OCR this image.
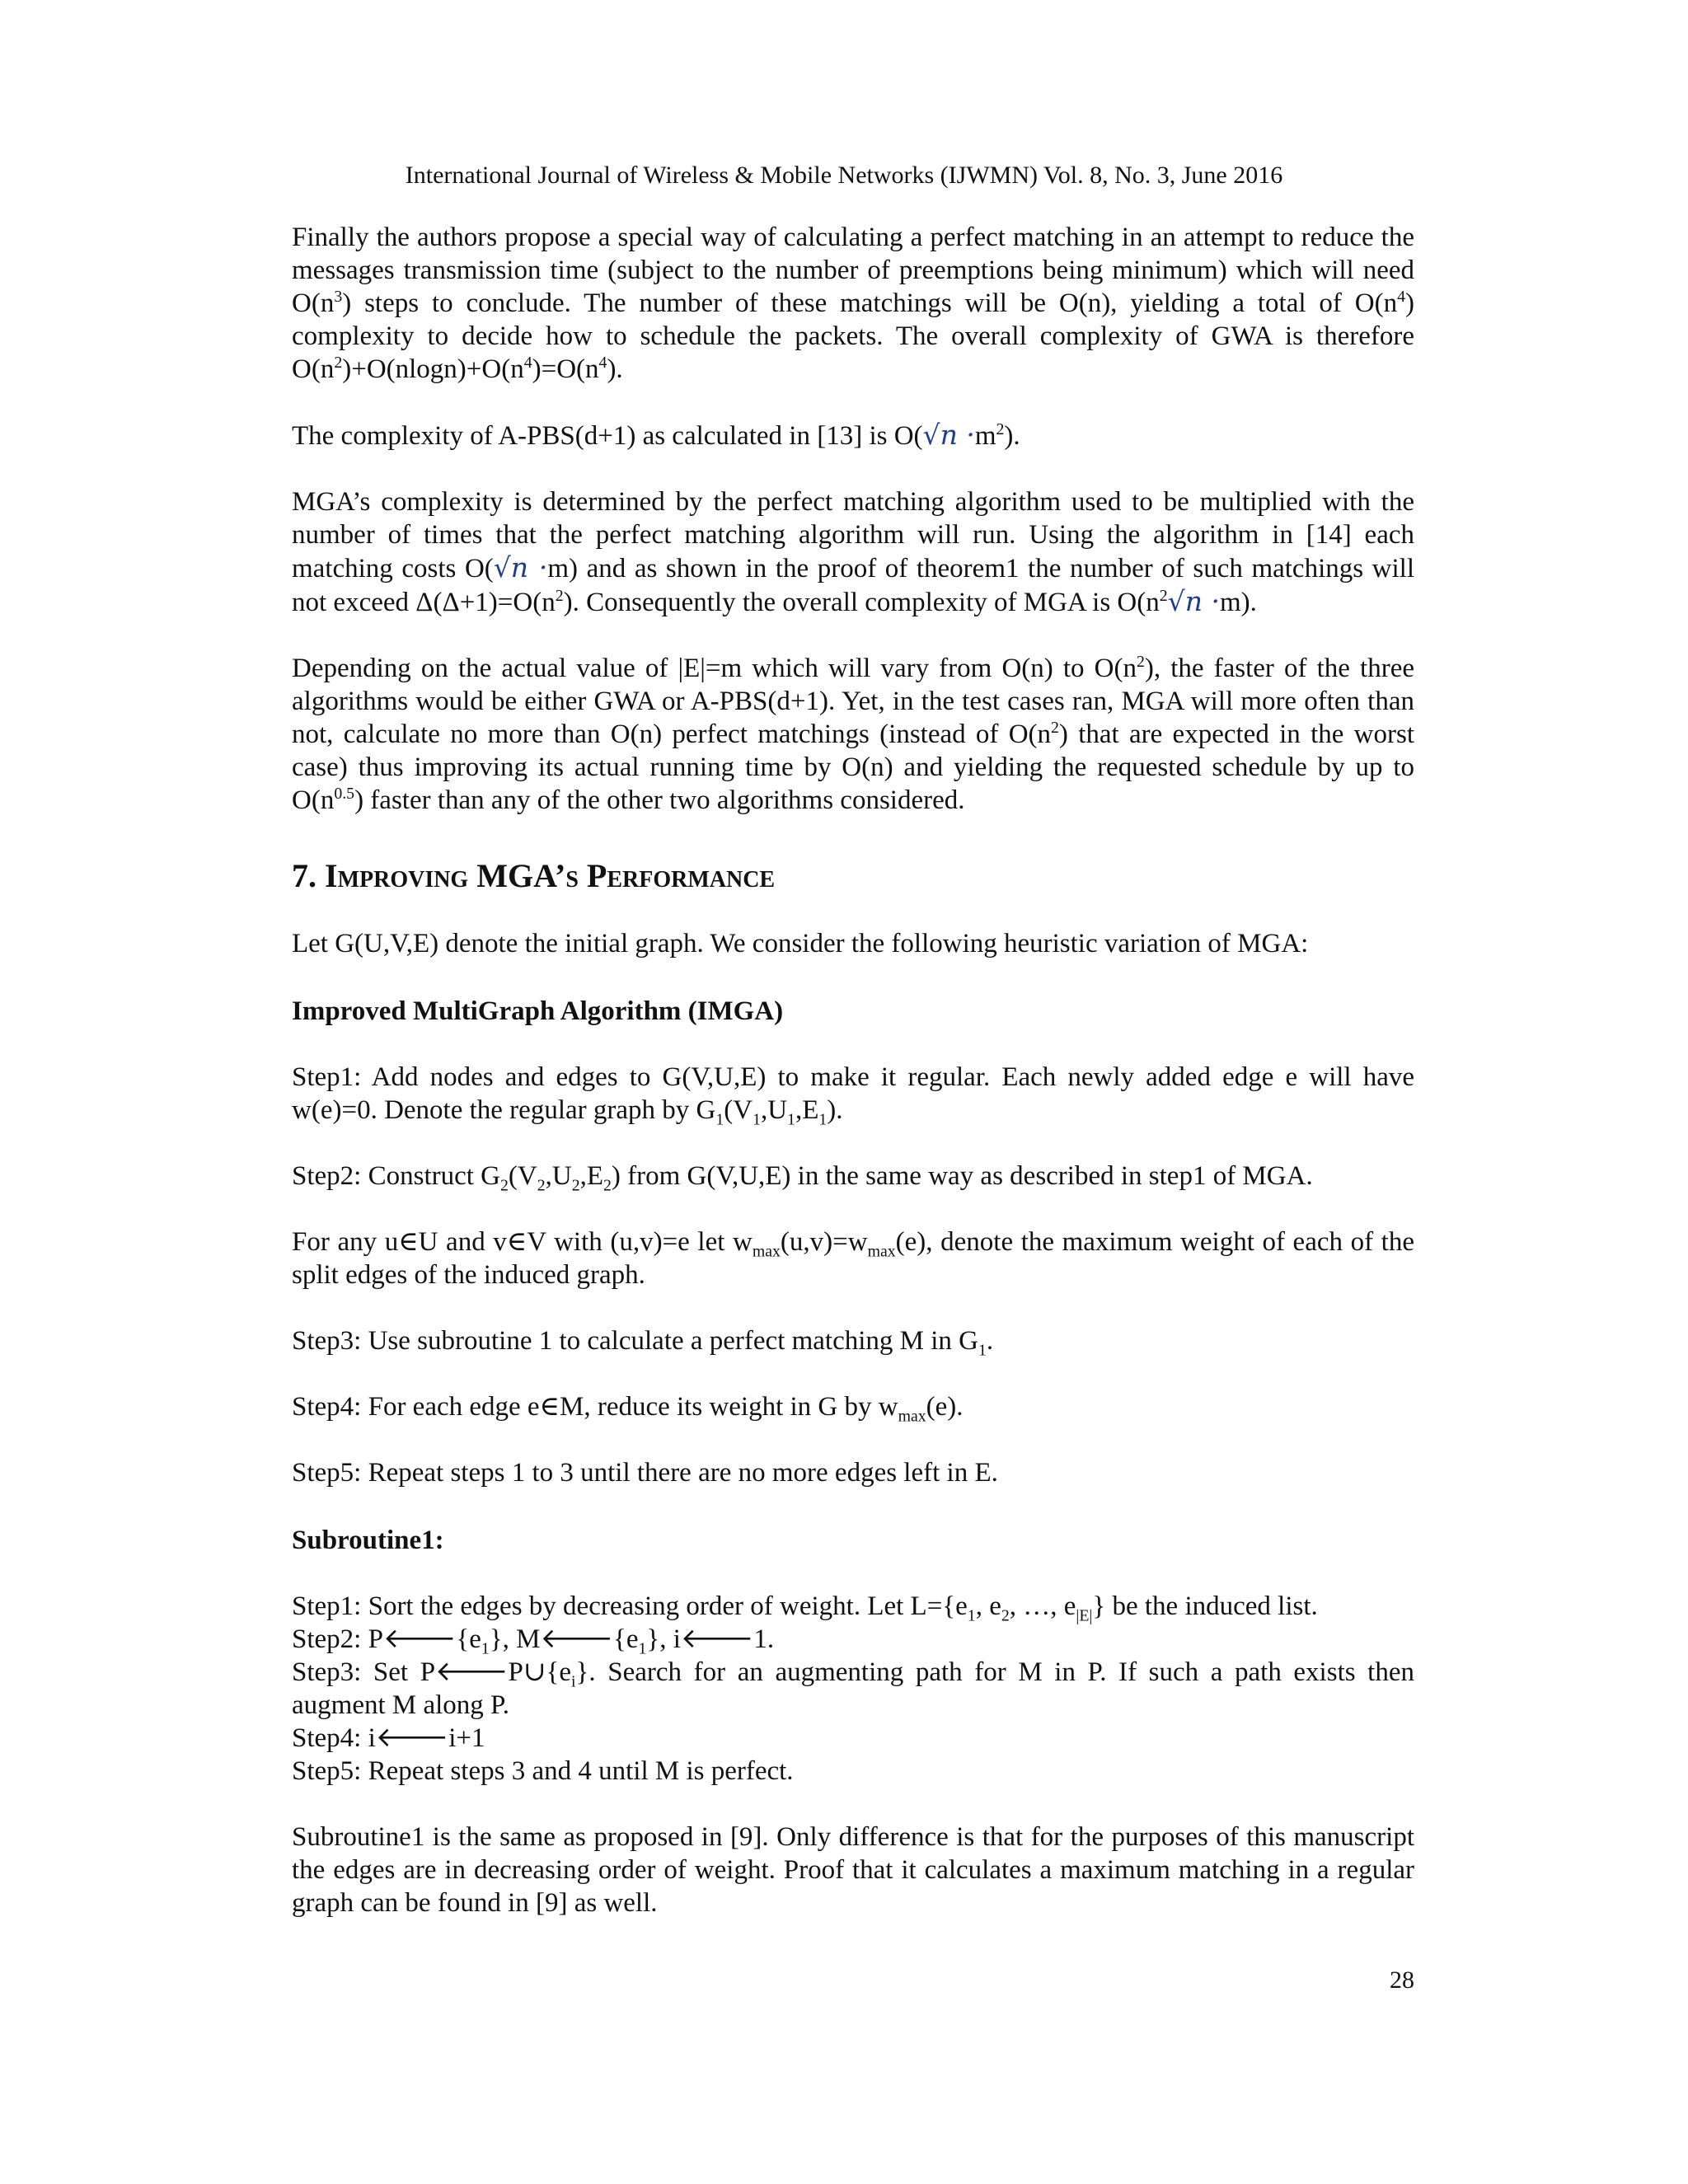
International Journal of Wireless & Mobile Networks (IJWMN) Vol. 8, No. 3, June 2016

Finally the authors propose a special way of calculating a perfect matching in an attempt to reduce the messages transmission time (subject to the number of preemptions being minimum) which will need $O(n^3)$ steps to conclude. The number of these matchings will be O(n), yielding a total of $O(n^4)$ complexity to decide how to schedule the packets. The overall complexity of GWA is therefore $O(n^2)+O(nlogn)+O(n^4)=O(n^4)$.

The complexity of A-PBS(d+1) as calculated in [13] is $O(√n \cdot m^2)$.

MGA’s complexity is determined by the perfect matching algorithm used to be multiplied with the number of times that the perfect matching algorithm will run. Using the algorithm in [14] each matching costs O(√n ·m) and as shown in the proof of theorem1 the number of such matchings will not exceed $\Delta(\Delta+1)=O(n^2)$. Consequently the overall complexity of MGA is $O(n^2√n \cdot m)$.

Depending on the actual value of |E|=m which will vary from O(n) to $O(n^2)$, the faster of the three algorithms would be either GWA or A-PBS(d+1). Yet, in the test cases ran, MGA will more often than not, calculate no more than O(n) perfect matchings (instead of $O(n^2)$ that are expected in the worst case) thus improving its actual running time by O(n) and yielding the requested schedule by up to $O(n^{0.5})$ faster than any of the other two algorithms considered.

7. Improving MGA’s Performance

Let G(U,V,E) denote the initial graph. We consider the following heuristic variation of MGA:

Improved MultiGraph Algorithm (IMGA)

Step1: Add nodes and edges to G(V,U,E) to make it regular. Each newly added edge e will have w(e)=0. Denote the regular graph by $G_1(V_1,U_1,E_1)$.

Step2: Construct $G_2(V_2,U_2,E_2)$ from G(V,U,E) in the same way as described in step1 of MGA.

For any u∈U and v∈V with (u,v)=e let $w_{max}(u,v)=w_{max}(e)$, denote the maximum weight of each of the split edges of the induced graph.

Step3: Use subroutine 1 to calculate a perfect matching M in $G_1$.

Step4: For each edge e∈M, reduce its weight in G by $w_{max}(e)$.

Step5: Repeat steps 1 to 3 until there are no more edges left in E.

Subroutine1:

Step1: Sort the edges by decreasing order of weight. Let $L=\{e_1$, $e_2$, …, $e_{|E|}$} be the induced list.

Step2: $P🡐\{e_1\}$, $M🡐\{e_1\}$, i🡐1.

Step3: Set $P🡐P\cup\{e_i\}$. Search for an augmenting path for M in P. If such a path exists then augment M along P.

Step4: i🡐i+1

Step5: Repeat steps 3 and 4 until M is perfect.

Subroutine1 is the same as proposed in [9]. Only difference is that for the purposes of this manuscript the edges are in decreasing order of weight. Proof that it calculates a maximum matching in a regular graph can be found in [9] as well.

28
